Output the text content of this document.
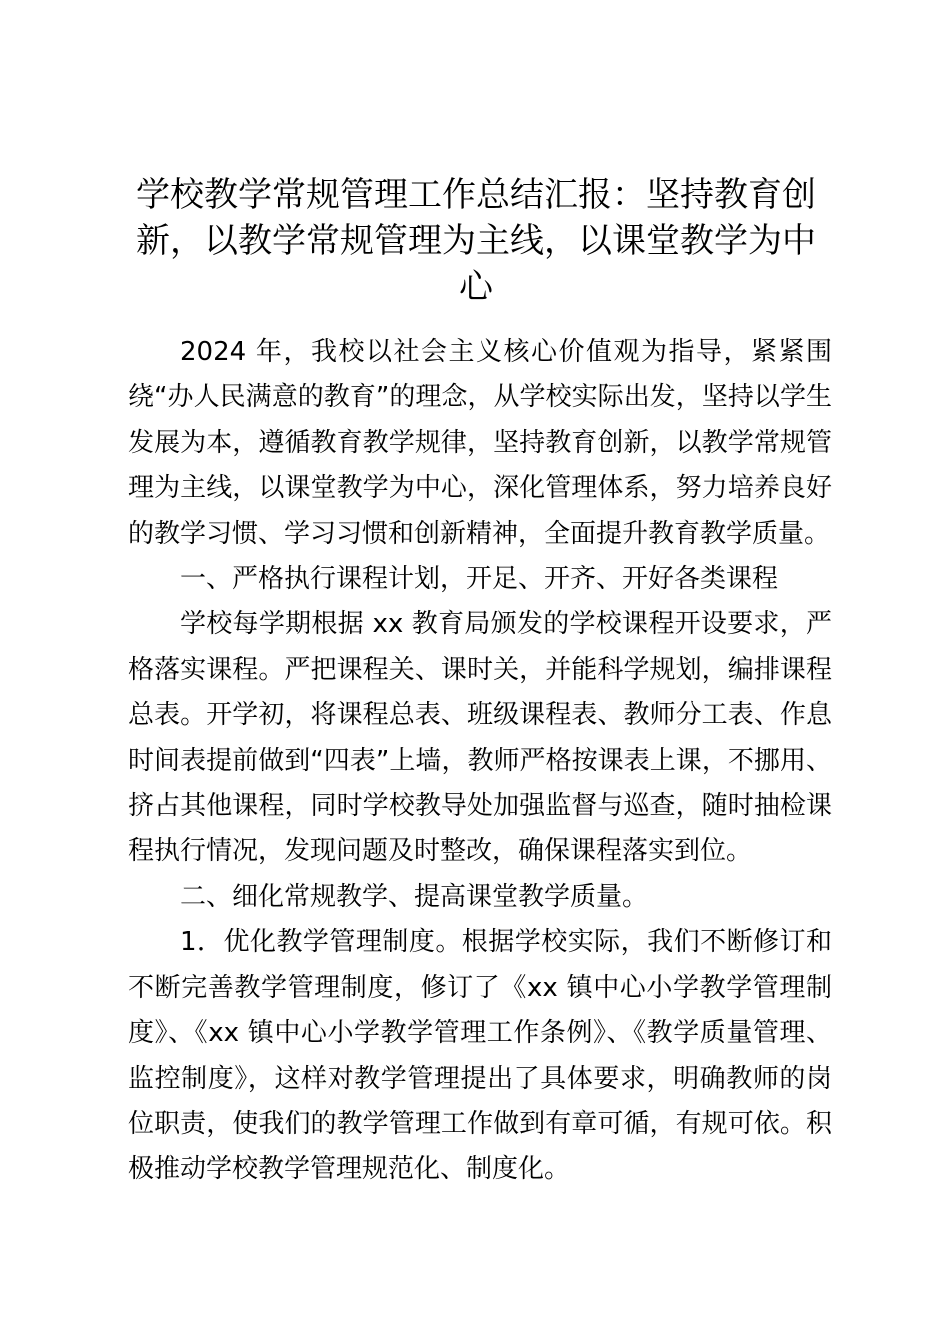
学校教学常规管理工作总结汇报：坚持教育创新，以教学常规管理为主线，以课堂教学为中心

2024 年，我校以社会主义核心价值观为指导，紧紧围绕“办人民满意的教育”的理念，从学校实际出发，坚持以学生发展为本，遵循教育教学规律，坚持教育创新，以教学常规管理为主线，以课堂教学为中心，深化管理体系，努力培养良好的教学习惯、学习习惯和创新精神，全面提升教育教学质量。

一、严格执行课程计划，开足、开齐、开好各类课程

学校每学期根据 xx 教育局颁发的学校课程开设要求，严格落实课程。严把课程关、课时关，并能科学规划，编排课程总表。开学初，将课程总表、班级课程表、教师分工表、作息时间表提前做到“四表”上墙，教师严格按课表上课，不挪用、挤占其他课程，同时学校教导处加强监督与巡查，随时抽检课程执行情况，发现问题及时整改，确保课程落实到位。

二、细化常规教学、提高课堂教学质量。

1．优化教学管理制度。根据学校实际，我们不断修订和不断完善教学管理制度，修订了《xx 镇中心小学教学管理制度》、《xx 镇中心小学教学管理工作条例》、《教学质量管理、监控制度》，这样对教学管理提出了具体要求，明确教师的岗位职责，使我们的教学管理工作做到有章可循，有规可依。积极推动学校教学管理规范化、制度化。
